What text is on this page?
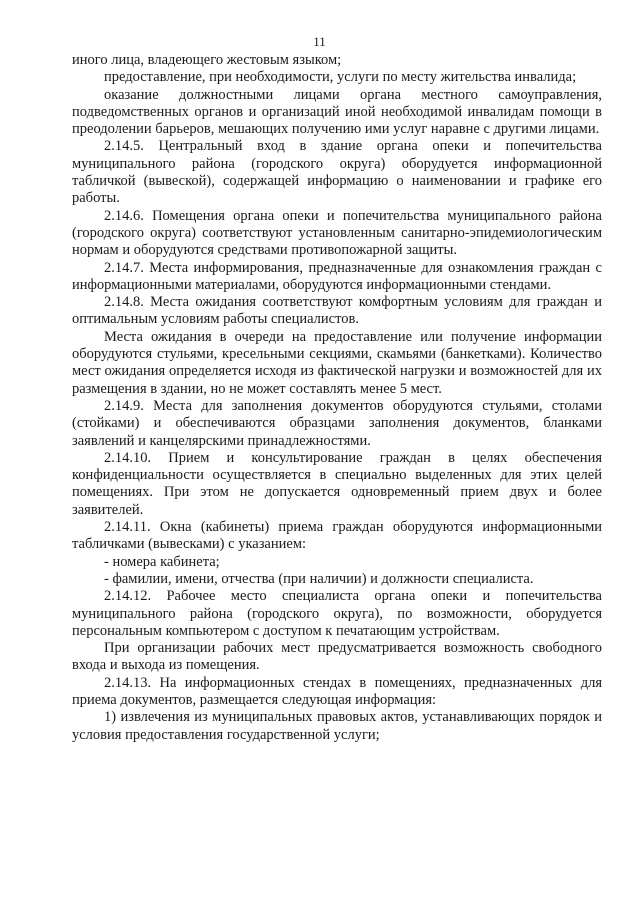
11

иного лица, владеющего жестовым языком;

предоставление, при необходимости, услуги по месту жительства инвалида;

оказание должностными лицами органа местного самоуправления, подведомственных органов и организаций иной необходимой инвалидам помощи в преодолении барьеров, мешающих получению ими услуг наравне с другими лицами.

2.14.5. Центральный вход в здание органа опеки и попечительства муниципального района (городского округа) оборудуется информационной табличкой (вывеской), содержащей информацию о наименовании и графике его работы.

2.14.6. Помещения органа опеки и попечительства муниципального района (городского округа) соответствуют установленным санитарно-эпидемиологическим нормам и оборудуются средствами противопожарной защиты.

2.14.7. Места информирования, предназначенные для ознакомления граждан с информационными материалами, оборудуются информационными стендами.

2.14.8. Места ожидания соответствуют комфортным условиям для граждан и оптимальным условиям работы специалистов.

Места ожидания в очереди на предоставление или получение информации оборудуются стульями, кресельными секциями, скамьями (банкетками). Количество мест ожидания определяется исходя из фактической нагрузки и возможностей для их размещения в здании, но не может составлять менее 5 мест.

2.14.9. Места для заполнения документов оборудуются стульями, столами (стойками) и обеспечиваются образцами заполнения документов, бланками заявлений и канцелярскими принадлежностями.

2.14.10. Прием и консультирование граждан в целях обеспечения конфиденциальности осуществляется в специально выделенных для этих целей помещениях. При этом не допускается одновременный прием двух и более заявителей.

2.14.11. Окна (кабинеты) приема граждан оборудуются информационными табличками (вывесками) с указанием:

- номера кабинета;

- фамилии, имени, отчества (при наличии) и должности специалиста.

2.14.12. Рабочее место специалиста органа опеки и попечительства муниципального района (городского округа), по возможности, оборудуется персональным компьютером с доступом к печатающим устройствам.

При организации рабочих мест предусматривается возможность свободного входа и выхода из помещения.

2.14.13. На информационных стендах в помещениях, предназначенных для приема документов, размещается следующая информация:

1) извлечения из муниципальных правовых актов, устанавливающих порядок и условия предоставления государственной услуги;
